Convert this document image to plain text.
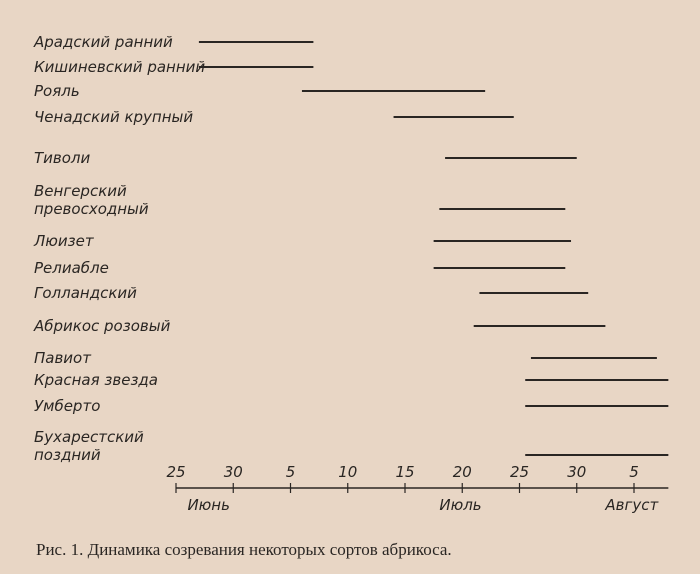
Арадский ранний
Кишиневский ранний
Рояль
Ченадский крупный
Тиволи
Венгерский
превосходный
Люизет
Релиабле
Голландский
Абрикос розовый
Павиот
Красная звезда
Умберто
Бухарестский
поздний
25	30	5	10	15	20	25	30	5
Июнь	Июль	Август
Рис. 1. Динамика созревания некоторых сортов абрикоса.
